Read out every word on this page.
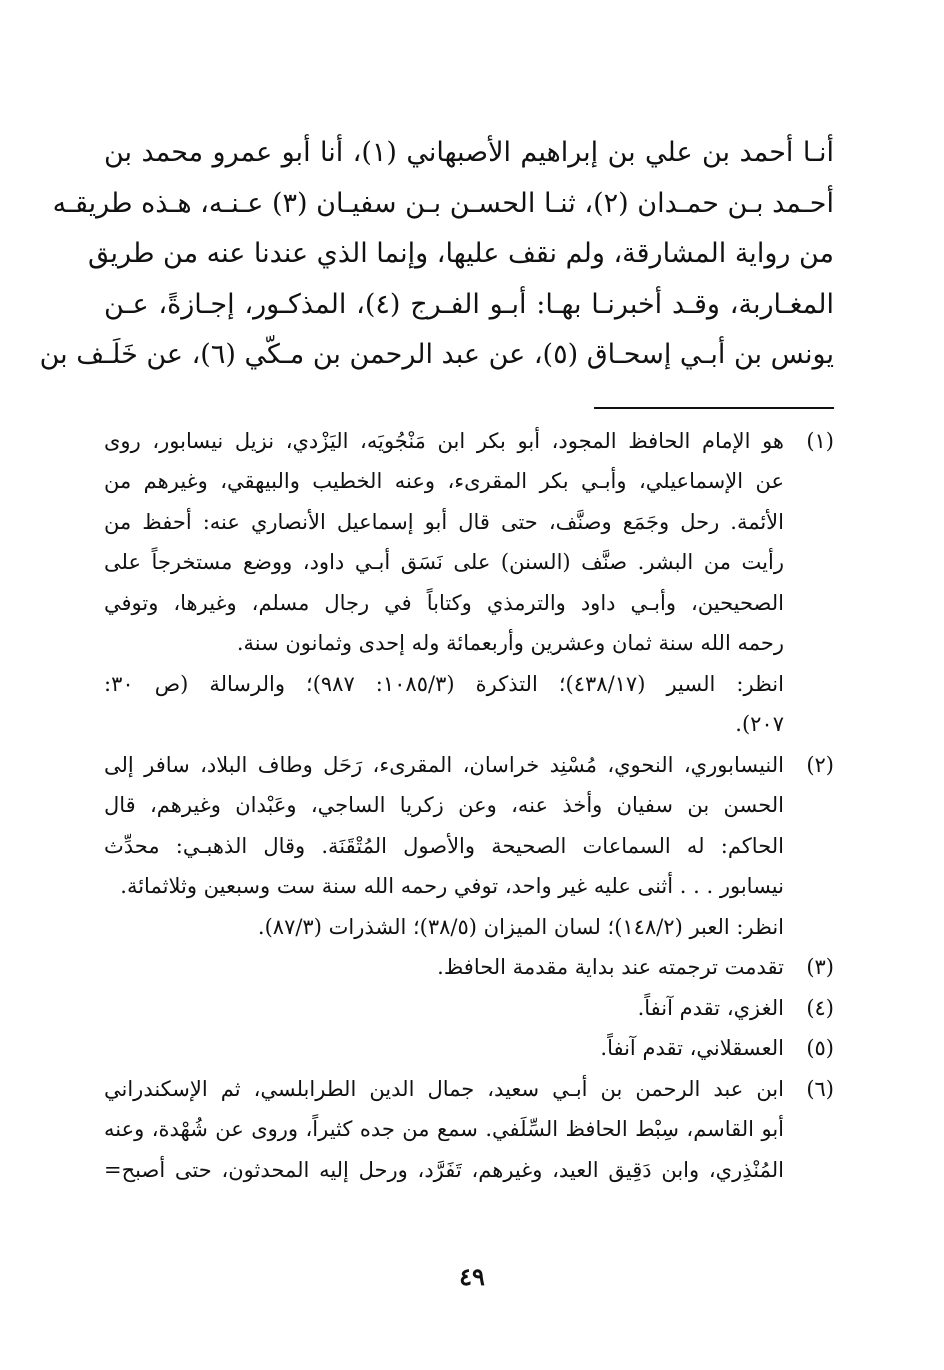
أنـا أحمد بن علي بن إبراهيم الأصبهاني (١)، أنا أبو عمرو محمد بن
أحـمد بـن حمـدان (٢)، ثنـا الحسـن بـن سفيـان (٣) عـنـه، هـذه طريقـه
من رواية المشارقة، ولم نقف عليها، وإنما الذي عندنا عنه من طريق
المغـاربة، وقـد أخبرنـا بهـا: أبـو الفـرج (٤)، المذكـور، إجـازةً، عـن
يونس بن أبـي إسحـاق (٥)، عن عبد الرحمن بن مـكّي (٦)، عن خَلَـف بن
(١)
هو الإمام الحافظ المجود، أبو بكر ابن مَنْجُويَه، اليَزْدي، نزيل نيسابور، روى
عن الإسماعيلي، وأبـي بكر المقرىء، وعنه الخطيب والبيهقي، وغيرهم من
الأئمة. رحل وجَمَع وصنَّف، حتى قال أبو إسماعيل الأنصاري عنه: أحفظ من
رأيت من البشر. صنَّف (السنن) على نَسَق أبـي داود، ووضع مستخرجاً على
الصحيحين، وأبـي داود والترمذي وكتاباً في رجال مسلم، وغيرها، وتوفي
رحمه الله سنة ثمان وعشرين وأربعمائة وله إحدى وثمانون سنة.
انظر: السير (٤٣٨/١٧)؛ التذكرة (١٠٨٥/٣: ٩٨٧)؛ والرسالة (ص ٣٠:
٢٠٧).
(٢)
النيسابوري، النحوي، مُسْنِد خراسان، المقرىء، رَحَل وطاف البلاد، سافر إلى
الحسن بن سفيان وأخذ عنه، وعن زكريا الساجي، وعَبْدان وغيرهم، قال
الحاكم: له السماعات الصحيحة والأصول المُتْقَنَة. وقال الذهبـي: محدِّث
نيسابور . . . أثنى عليه غير واحد، توفي رحمه الله سنة ست وسبعين وثلاثمائة.
انظر: العبر (١٤٨/٢)؛ لسان الميزان (٣٨/٥)؛ الشذرات (٨٧/٣).
(٣)
تقدمت ترجمته عند بداية مقدمة الحافظ.
(٤)
الغزي، تقدم آنفاً.
(٥)
العسقلاني، تقدم آنفاً.
(٦)
ابن عبد الرحمن بن أبـي سعيد، جمال الدين الطرابلسي، ثم الإسكندراني
أبو القاسم، سِبْط الحافظ السِّلَفي. سمع من جده كثيراً، وروى عن شُهْدة، وعنه
المُنْذِري، وابن دَقِيق العيد، وغيرهم، تَفَرَّد، ورحل إليه المحدثون، حتى أصبح=
٤٩
